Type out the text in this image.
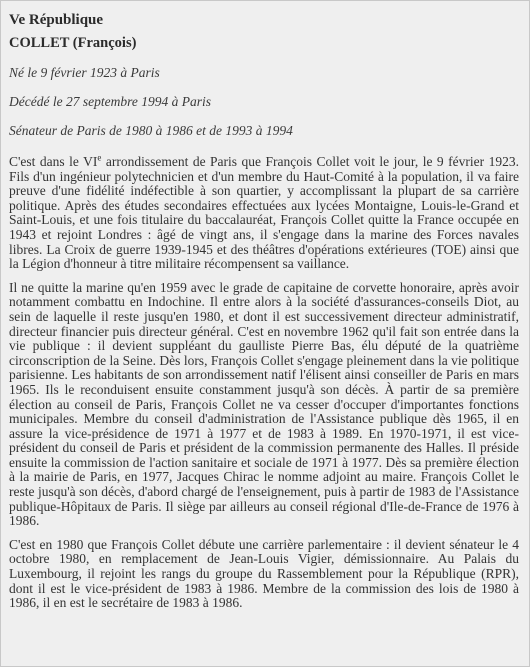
Ve République
COLLET (François)
Né le 9 février 1923 à Paris
Décédé le 27 septembre 1994 à Paris
Sénateur de Paris de 1980 à 1986 et de 1993 à 1994

C'est dans le VIe arrondissement de Paris que François Collet voit le jour, le 9 février 1923. Fils d'un ingénieur polytechnicien et d'un membre du Haut-Comité à la population, il va faire preuve d'une fidélité indéfectible à son quartier, y accomplissant la plupart de sa carrière politique. Après des études secondaires effectuées aux lycées Montaigne, Louis-le-Grand et Saint-Louis, et une fois titulaire du baccalauréat, François Collet quitte la France occupée en 1943 et rejoint Londres : âgé de vingt ans, il s'engage dans la marine des Forces navales libres. La Croix de guerre 1939-1945 et des théâtres d'opérations extérieures (TOE) ainsi que la Légion d'honneur à titre militaire récompensent sa vaillance.

Il ne quitte la marine qu'en 1959 avec le grade de capitaine de corvette honoraire, après avoir notamment combattu en Indochine. Il entre alors à la société d'assurances-conseils Diot, au sein de laquelle il reste jusqu'en 1980, et dont il est successivement directeur administratif, directeur financier puis directeur général. C'est en novembre 1962 qu'il fait son entrée dans la vie publique : il devient suppléant du gaulliste Pierre Bas, élu député de la quatrième circonscription de la Seine. Dès lors, François Collet s'engage pleinement dans la vie politique parisienne. Les habitants de son arrondissement natif l'élisent ainsi conseiller de Paris en mars 1965. Ils le reconduisent ensuite constamment jusqu'à son décès. À partir de sa première élection au conseil de Paris, François Collet ne va cesser d'occuper d'importantes fonctions municipales. Membre du conseil d'administration de l'Assistance publique dès 1965, il en assure la vice-présidence de 1971 à 1977 et de 1983 à 1989. En 1970-1971, il est vice-président du conseil de Paris et président de la commission permanente des Halles. Il préside ensuite la commission de l'action sanitaire et sociale de 1971 à 1977. Dès sa première élection à la mairie de Paris, en 1977, Jacques Chirac le nomme adjoint au maire. François Collet le reste jusqu'à son décès, d'abord chargé de l'enseignement, puis à partir de 1983 de l'Assistance publique-Hôpitaux de Paris. Il siège par ailleurs au conseil régional d'Ile-de-France de 1976 à 1986.

C'est en 1980 que François Collet débute une carrière parlementaire : il devient sénateur le 4 octobre 1980, en remplacement de Jean-Louis Vigier, démissionnaire. Au Palais du Luxembourg, il rejoint les rangs du groupe du Rassemblement pour la République (RPR), dont il est le vice-président de 1983 à 1986. Membre de la commission des lois de 1980 à 1986, il en est le secrétaire de 1983 à 1986.
